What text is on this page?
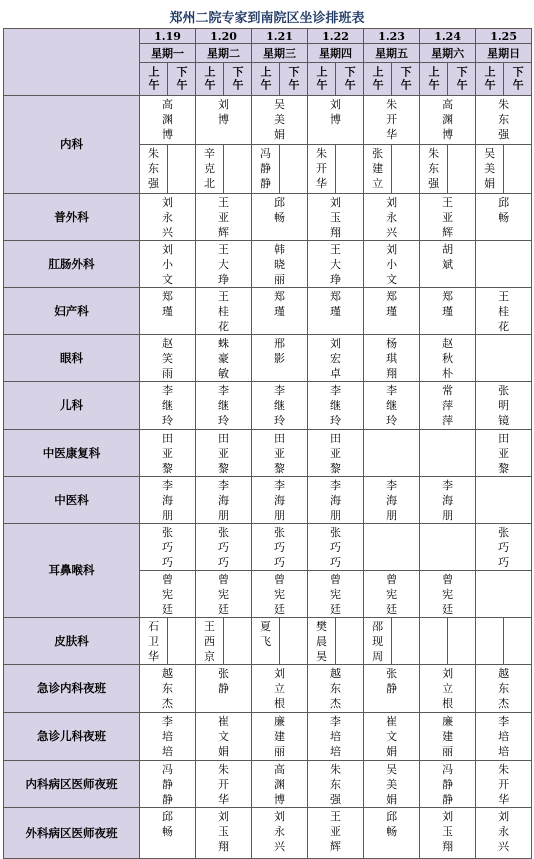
郑州二院专家到南院区坐诊排班表
	1.19		1.20		1.21		1.22		1.23		1.24		1.25	
	星期一		星期二		星期三		星期四		星期五		星期六		星期日	
	上午	下午	上午	下午	上午	下午	上午	下午	上午	下午	上午	下午	上午	下午
内科	高渊博		刘博		吴美娟		刘博		朱开华		高渊博		朱东强	
	朱东强		辛克北		冯静静		朱开华		张建立		朱东强		吴美娟	
普外科	刘永兴		王亚辉		邱畅		刘玉翔		刘永兴		王亚辉		邱畅	
肛肠外科	刘小文		王大琤		韩晓丽		王大琤		刘小文		胡斌			
妇产科	郑瑾		王桂花		郑瑾		郑瑾		郑瑾		郑瑾		王桂花	
眼科	赵笑雨		蛛豪敏		邢影		刘宏卓		杨琪翔		赵秋朴			
儿科	李继玲		李继玲		李继玲		李继玲		李继玲		常萍萍		张明镜	
中医康复科	田亚黎		田亚黎		田亚黎		田亚黎						田亚黎	
中医科	李海朋		李海朋		李海朋		李海朋		李海朋		李海朋			
耳鼻喉科	张巧巧		张巧巧		张巧巧		张巧巧						张巧巧	
	曾宪廷		曾宪廷		曾宪廷		曾宪廷		曾宪廷		曾宪廷			
皮肤科	石卫华		王西京		夏飞		樊晨昊		邵现周					
急诊内科夜班	越东杰		张静		刘立根		越东杰		张静		刘立根		越东杰	
急诊儿科夜班	李培培		崔文娟		廉建丽		李培培		崔文娟		廉建丽		李培培	
内科病区医师夜班	冯静静		朱开华		高渊博		朱东强		吴美娟		冯静静		朱开华	
外科病区医师夜班	邱畅		刘玉翔		刘永兴		王亚辉		邱畅		刘玉翔		刘永兴	
